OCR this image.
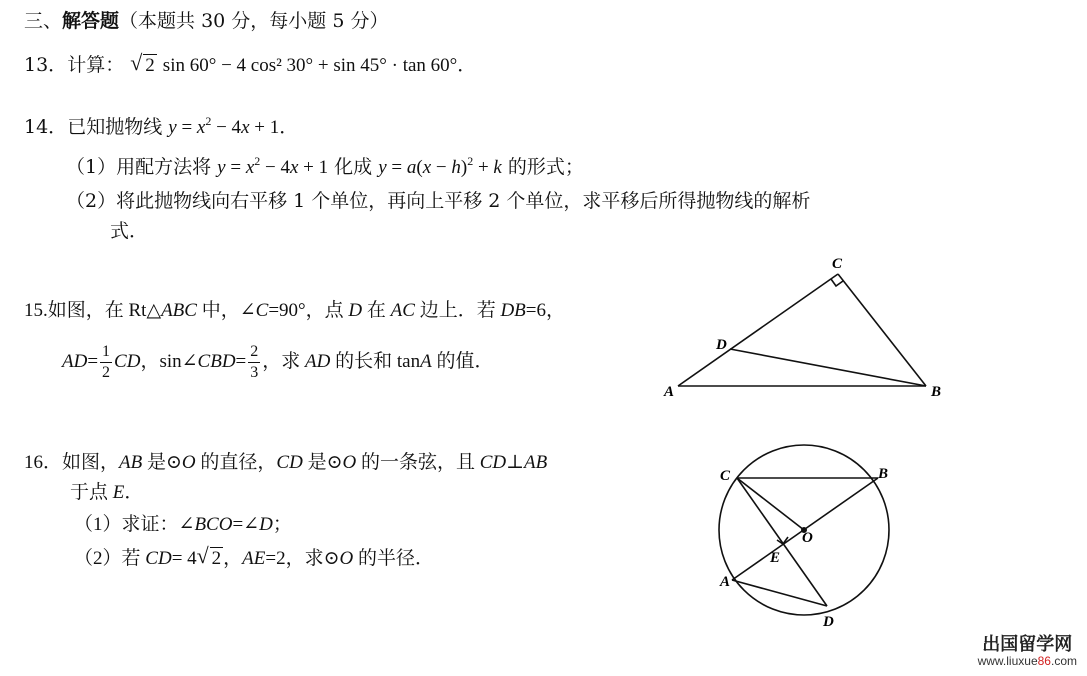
三、解答题（本题共 30 分，每小题 5 分）
13．计算： √ 2 sin 60° − 4 cos² 30° + sin 45° · tan 60°．
14．已知抛物线 $y = x^2 - 4x + 1$．
（1）用配方法将 $y = x^2 - 4x + 1$ 化成 $y = a(x - h)^2 + k$ 的形式；
（2）将此抛物线向右平移 1 个单位，再向上平移 2 个单位，求平移后所得抛物线的解析
式．
15.如图，在 Rt△ABC 中，∠C=90°，点 D 在 AC 边上．若 DB=6，
$AD= \frac{1}{2}$ CD，sin∠CBD= $\frac{2}{3}$ ，求 AD 的长和 tanA 的值．
C
D
A	B
16．如图，AB 是⊙O 的直径，CD 是⊙O 的一条弦，且 CD⊥AB
于点 E．
（1）求证：∠BCO=∠D；
（2）若 CD= 4 √ 2 ，AE=2，求⊙O 的半径．
C	B
O
E
A
D
出国留学网
www.liuxue86.com
